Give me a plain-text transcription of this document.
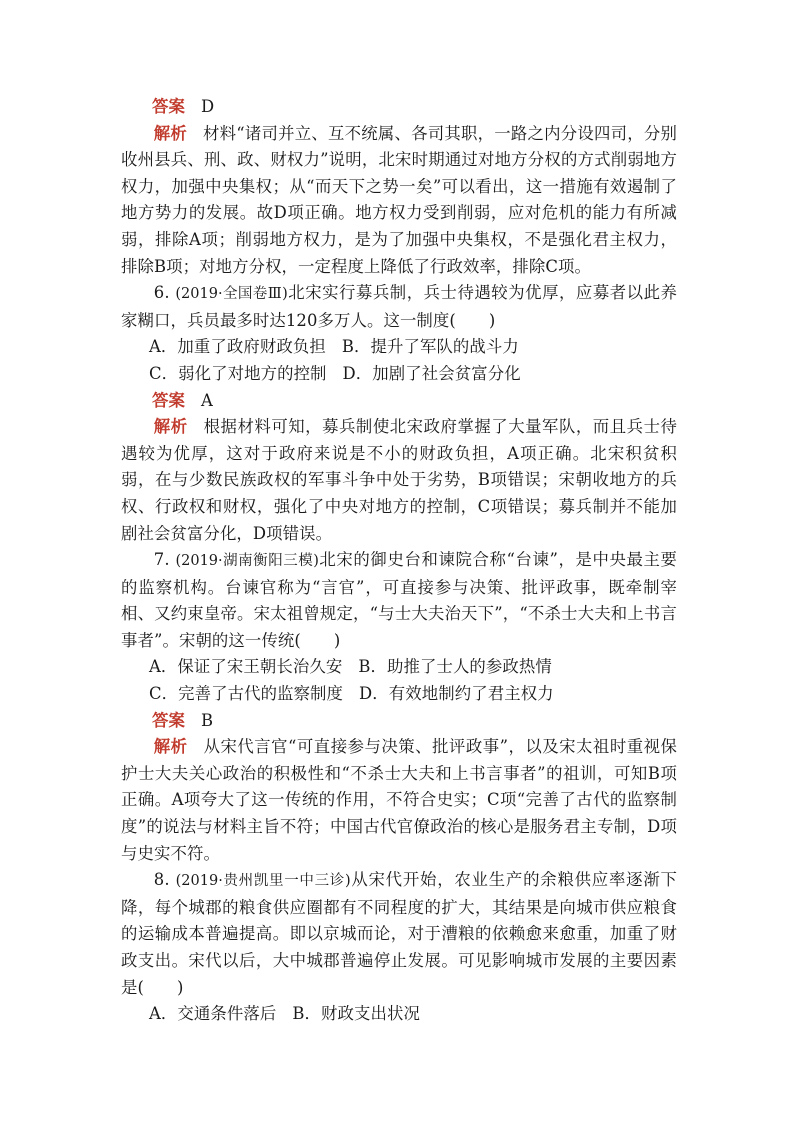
答案 D

解析 材料“诸司并立、互不统属、各司其职，一路之内分设四司，分别收州县兵、刑、政、财权力”说明，北宋时期通过对地方分权的方式削弱地方权力，加强中央集权；从“而天下之势一矣”可以看出，这一措施有效遏制了地方势力的发展。故D项正确。地方权力受到削弱，应对危机的能力有所减弱，排除A项；削弱地方权力，是为了加强中央集权，不是强化君主权力，排除B项；对地方分权，一定程度上降低了行政效率，排除C项。

6. (2019·全国卷Ⅲ)北宋实行募兵制，兵士待遇较为优厚，应募者以此养家糊口，兵员最多时达120多万人。这一制度(　　)

A．加重了政府财政负担 B．提升了军队的战斗力

C．弱化了对地方的控制 D．加剧了社会贫富分化

答案 A

解析 根据材料可知，募兵制使北宋政府掌握了大量军队，而且兵士待遇较为优厚，这对于政府来说是不小的财政负担，A项正确。北宋积贫积弱，在与少数民族政权的军事斗争中处于劣势，B项错误；宋朝收地方的兵权、行政权和财权，强化了中央对地方的控制，C项错误；募兵制并不能加剧社会贫富分化，D项错误。

7. (2019·湖南衡阳三模)北宋的御史台和谏院合称“台谏”，是中央最主要的监察机构。台谏官称为“言官”，可直接参与决策、批评政事，既牵制宰相、又约束皇帝。宋太祖曾规定，“与士大夫治天下”，“不杀士大夫和上书言事者”。宋朝的这一传统(　　)

A．保证了宋王朝长治久安 B．助推了士人的参政热情

C．完善了古代的监察制度 D．有效地制约了君主权力

答案 B

解析 从宋代言官“可直接参与决策、批评政事”，以及宋太祖时重视保护士大夫关心政治的积极性和“不杀士大夫和上书言事者”的祖训，可知B项正确。A项夸大了这一传统的作用，不符合史实；C项“完善了古代的监察制度”的说法与材料主旨不符；中国古代官僚政治的核心是服务君主专制，D项与史实不符。

8. (2019·贵州凯里一中三诊)从宋代开始，农业生产的余粮供应率逐渐下降，每个城郡的粮食供应圈都有不同程度的扩大，其结果是向城市供应粮食的运输成本普遍提高。即以京城而论，对于漕粮的依赖愈来愈重，加重了财政支出。宋代以后，大中城郡普遍停止发展。可见影响城市发展的主要因素是(　　)

A．交通条件落后 B．财政支出状况
